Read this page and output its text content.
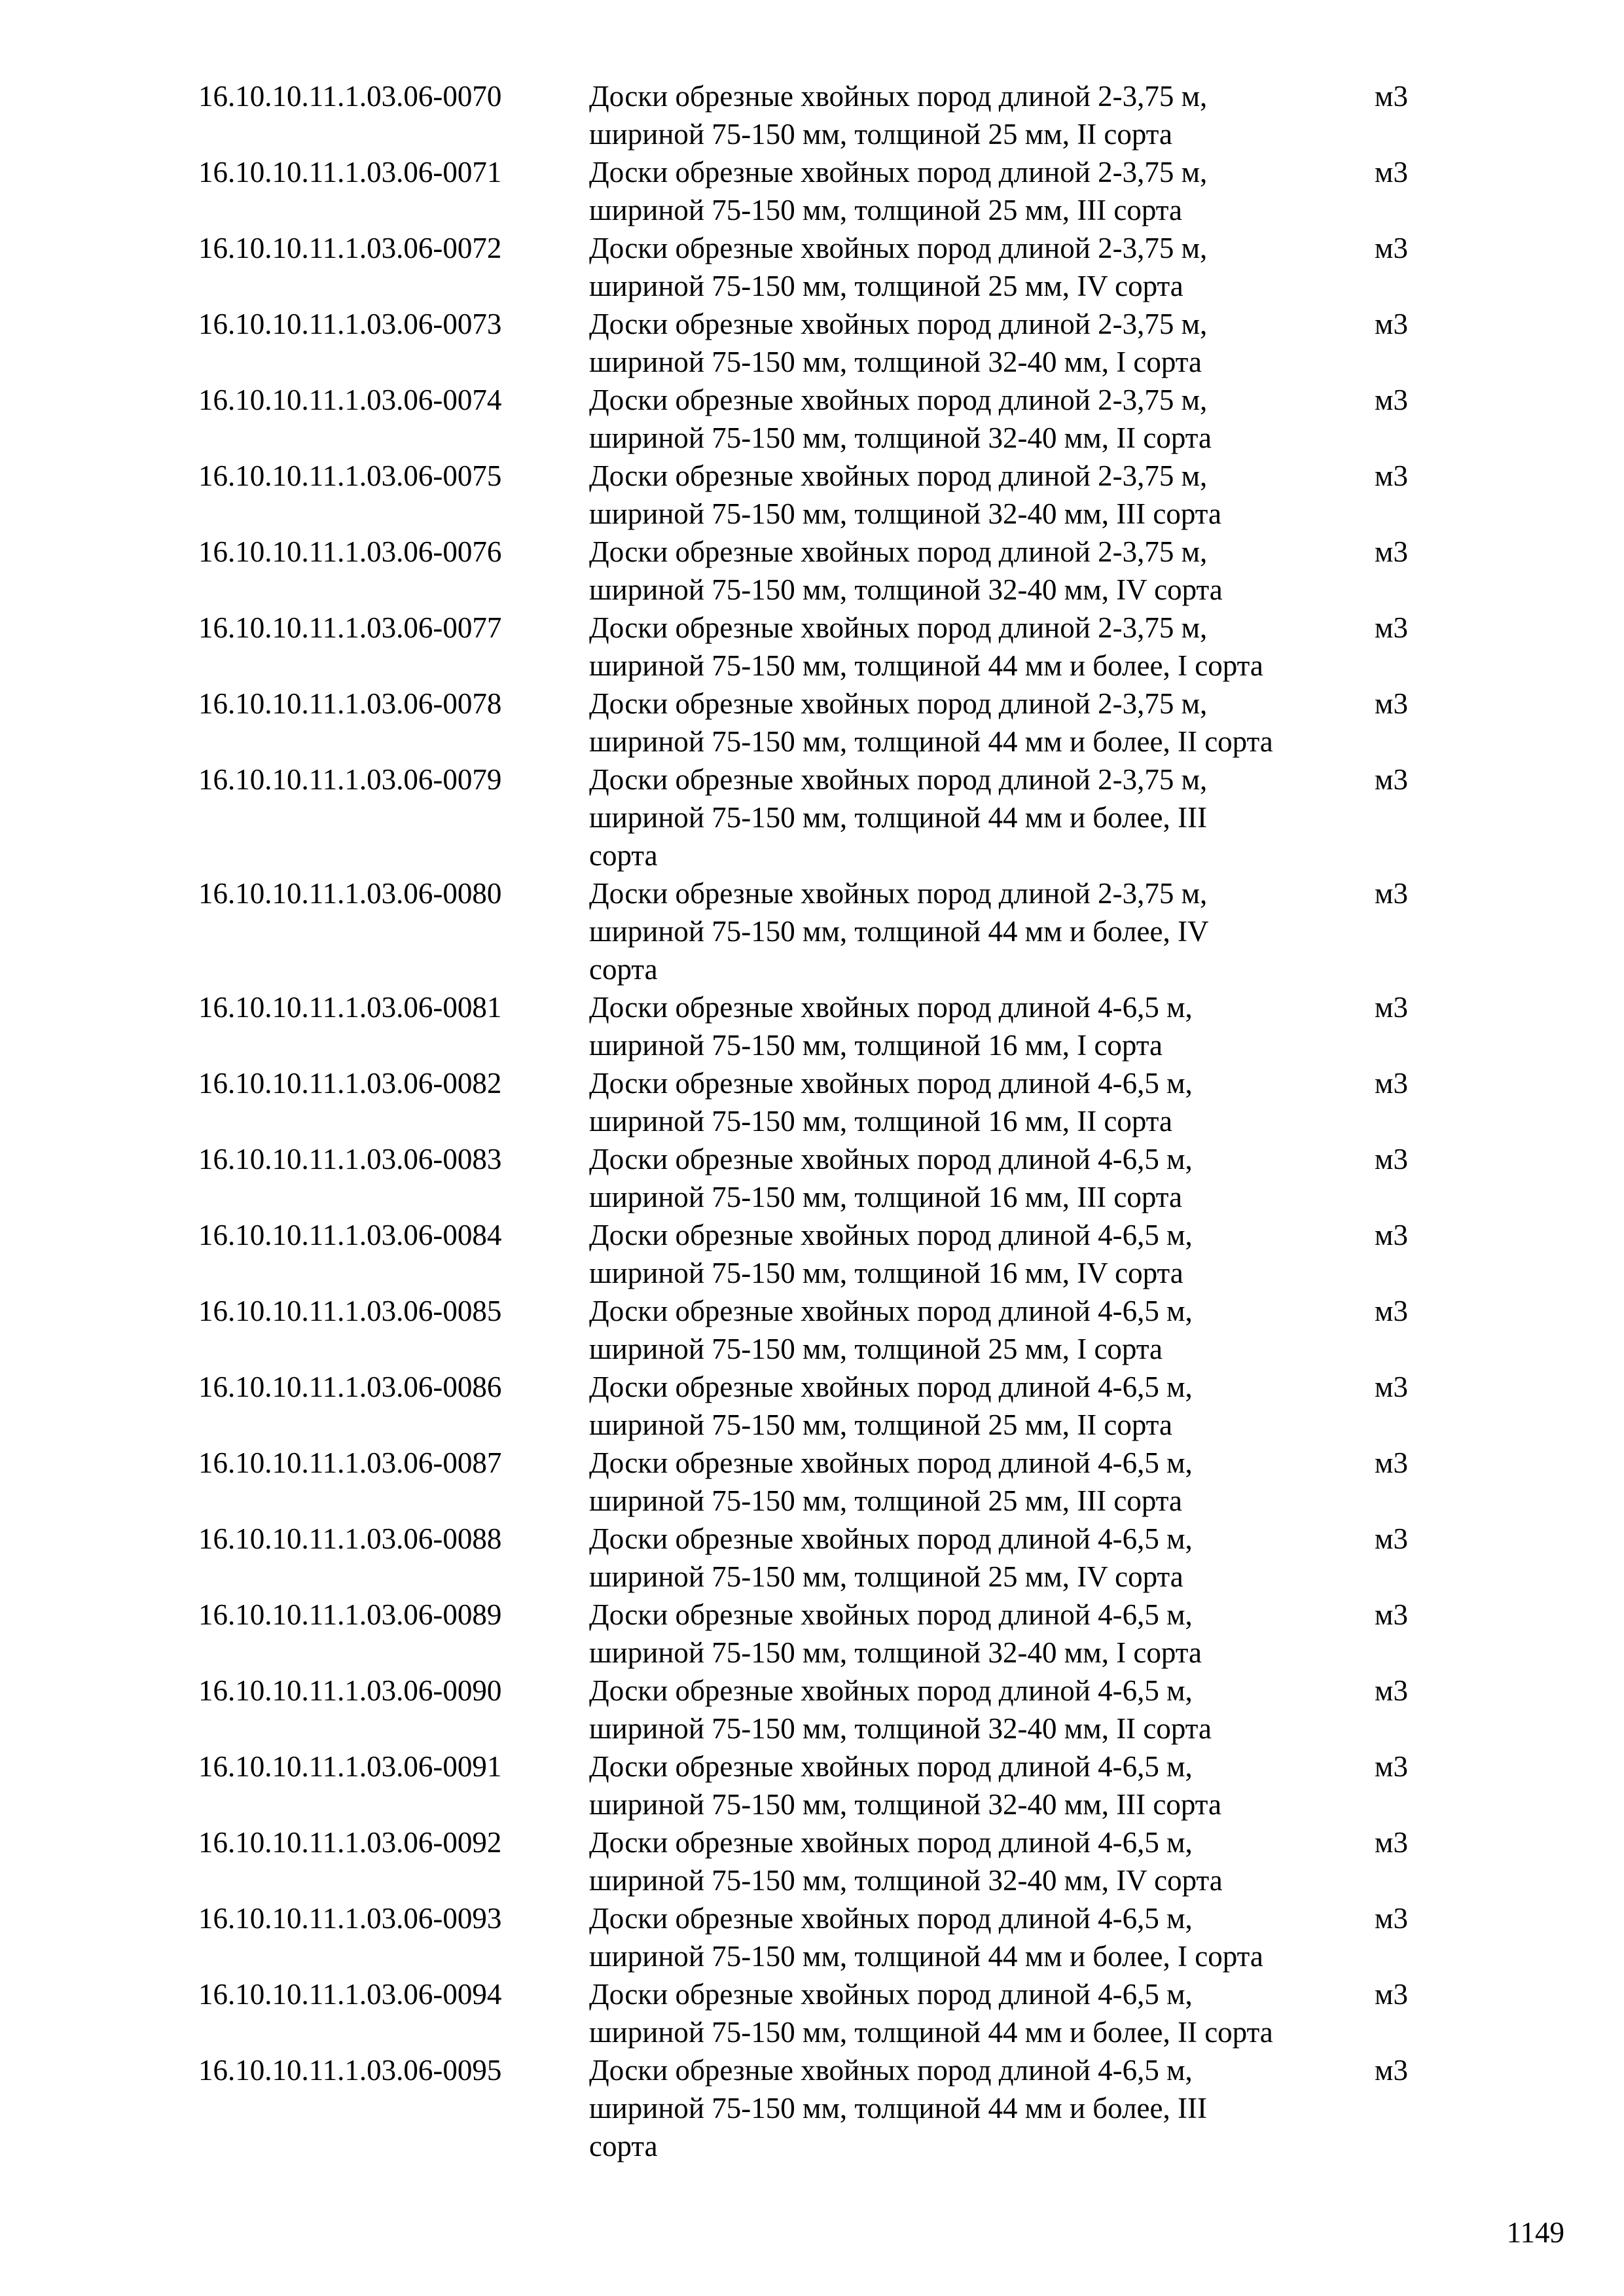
16.10.10.11.1.03.06-0070	Доски обрезные хвойных пород длиной 2-3,75 м,
шириной 75-150 мм, толщиной 25 мм, II сорта
м3
16.10.10.11.1.03.06-0071	Доски обрезные хвойных пород длиной 2-3,75 м,
шириной 75-150 мм, толщиной 25 мм, III сорта
м3
16.10.10.11.1.03.06-0072	Доски обрезные хвойных пород длиной 2-3,75 м,
шириной 75-150 мм, толщиной 25 мм, IV сорта
м3
16.10.10.11.1.03.06-0073	Доски обрезные хвойных пород длиной 2-3,75 м,
шириной 75-150 мм, толщиной 32-40 мм, I сорта
м3
16.10.10.11.1.03.06-0074	Доски обрезные хвойных пород длиной 2-3,75 м,
шириной 75-150 мм, толщиной 32-40 мм, II сорта
м3
16.10.10.11.1.03.06-0075	Доски обрезные хвойных пород длиной 2-3,75 м,
шириной 75-150 мм, толщиной 32-40 мм, III сорта
м3
16.10.10.11.1.03.06-0076	Доски обрезные хвойных пород длиной 2-3,75 м,
шириной 75-150 мм, толщиной 32-40 мм, IV сорта
м3
16.10.10.11.1.03.06-0077	Доски обрезные хвойных пород длиной 2-3,75 м,
шириной 75-150 мм, толщиной 44 мм и более, I сорта
м3
16.10.10.11.1.03.06-0078	Доски обрезные хвойных пород длиной 2-3,75 м,
шириной 75-150 мм, толщиной 44 мм и более, II сорта
м3
16.10.10.11.1.03.06-0079	Доски обрезные хвойных пород длиной 2-3,75 м,
шириной 75-150 мм, толщиной 44 мм и более, III
сорта
м3
16.10.10.11.1.03.06-0080	Доски обрезные хвойных пород длиной 2-3,75 м,
шириной 75-150 мм, толщиной 44 мм и более, IV
сорта
м3
16.10.10.11.1.03.06-0081	Доски обрезные хвойных пород длиной 4-6,5 м,
шириной 75-150 мм, толщиной 16 мм, I сорта
м3
16.10.10.11.1.03.06-0082	Доски обрезные хвойных пород длиной 4-6,5 м,
шириной 75-150 мм, толщиной 16 мм, II сорта
м3
16.10.10.11.1.03.06-0083	Доски обрезные хвойных пород длиной 4-6,5 м,
шириной 75-150 мм, толщиной 16 мм, III сорта
м3
16.10.10.11.1.03.06-0084	Доски обрезные хвойных пород длиной 4-6,5 м,
шириной 75-150 мм, толщиной 16 мм, IV сорта
м3
16.10.10.11.1.03.06-0085	Доски обрезные хвойных пород длиной 4-6,5 м,
шириной 75-150 мм, толщиной 25 мм, I сорта
м3
16.10.10.11.1.03.06-0086	Доски обрезные хвойных пород длиной 4-6,5 м,
шириной 75-150 мм, толщиной 25 мм, II сорта
м3
16.10.10.11.1.03.06-0087	Доски обрезные хвойных пород длиной 4-6,5 м,
шириной 75-150 мм, толщиной 25 мм, III сорта
м3
16.10.10.11.1.03.06-0088	Доски обрезные хвойных пород длиной 4-6,5 м,
шириной 75-150 мм, толщиной 25 мм, IV сорта
м3
16.10.10.11.1.03.06-0089	Доски обрезные хвойных пород длиной 4-6,5 м,
шириной 75-150 мм, толщиной 32-40 мм, I сорта
м3
16.10.10.11.1.03.06-0090	Доски обрезные хвойных пород длиной 4-6,5 м,
шириной 75-150 мм, толщиной 32-40 мм, II сорта
м3
16.10.10.11.1.03.06-0091	Доски обрезные хвойных пород длиной 4-6,5 м,
шириной 75-150 мм, толщиной 32-40 мм, III сорта
м3
16.10.10.11.1.03.06-0092	Доски обрезные хвойных пород длиной 4-6,5 м,
шириной 75-150 мм, толщиной 32-40 мм, IV сорта
м3
16.10.10.11.1.03.06-0093	Доски обрезные хвойных пород длиной 4-6,5 м,
шириной 75-150 мм, толщиной 44 мм и более, I сорта
м3
16.10.10.11.1.03.06-0094	Доски обрезные хвойных пород длиной 4-6,5 м,
шириной 75-150 мм, толщиной 44 мм и более, II сорта
м3
16.10.10.11.1.03.06-0095	Доски обрезные хвойных пород длиной 4-6,5 м,
шириной 75-150 мм, толщиной 44 мм и более, III
сорта
м3
1149
